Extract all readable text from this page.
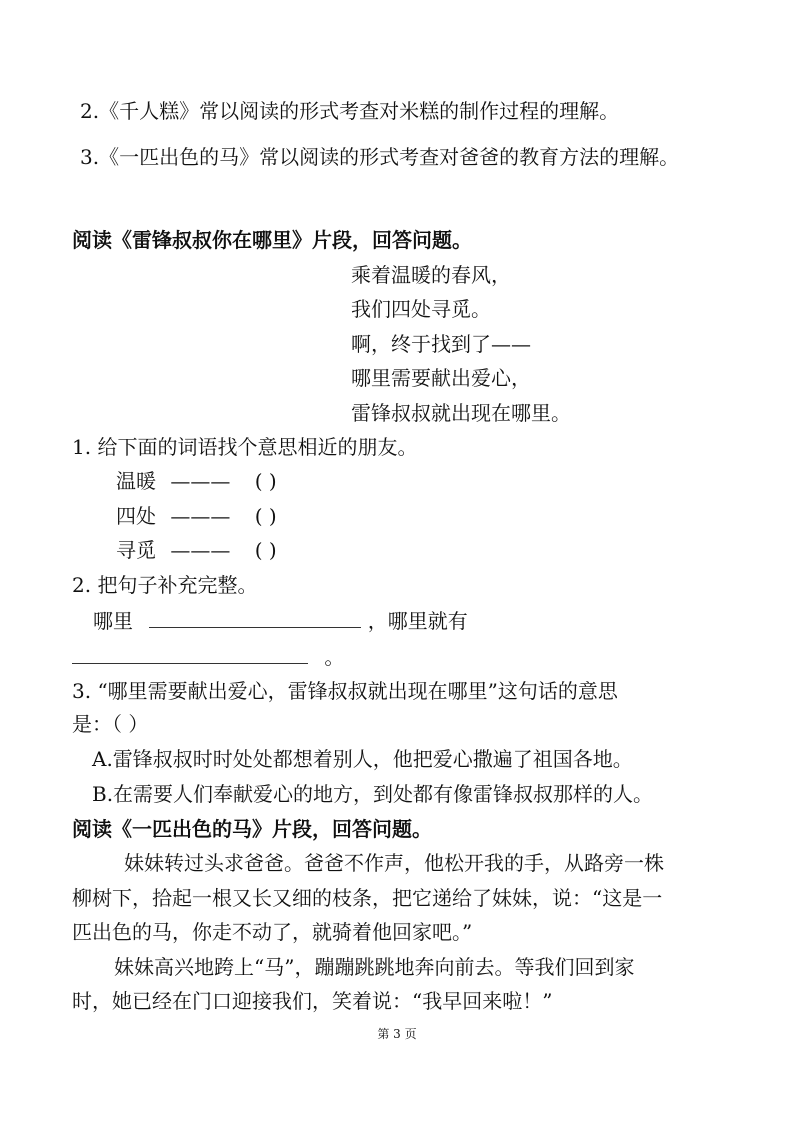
2.《千人糕》常以阅读的形式考查对米糕的制作过程的理解。
3.《一匹出色的马》常以阅读的形式考查对爸爸的教育方法的理解。
阅读《雷锋叔叔你在哪里》片段，回答问题。
乘着温暖的春风，
我们四处寻觅。
啊，终于找到了——
哪里需要献出爱心，
雷锋叔叔就出现在哪里。
1. 给下面的词语找个意思相近的朋友。
温暖 ——— ( )
四处 ——— ( )
寻觅 ——— ( )
2. 把句子补充完整。
哪里	，哪里就有
。
3. “哪里需要献出爱心，雷锋叔叔就出现在哪里”这句话的意思
是：（ ）
A.雷锋叔叔时时处处都想着别人，他把爱心撒遍了祖国各地。
B.在需要人们奉献爱心的地方，到处都有像雷锋叔叔那样的人。
阅读《一匹出色的马》片段，回答问题。
妹妹转过头求爸爸。爸爸不作声，他松开我的手，从路旁一株
柳树下，拾起一根又长又细的枝条，把它递给了妹妹，说：“这是一
匹出色的马，你走不动了，就骑着他回家吧。”
妹妹高兴地跨上“马”，蹦蹦跳跳地奔向前去。等我们回到家
时，她已经在门口迎接我们，笑着说：“我早回来啦！”
第 3 页
